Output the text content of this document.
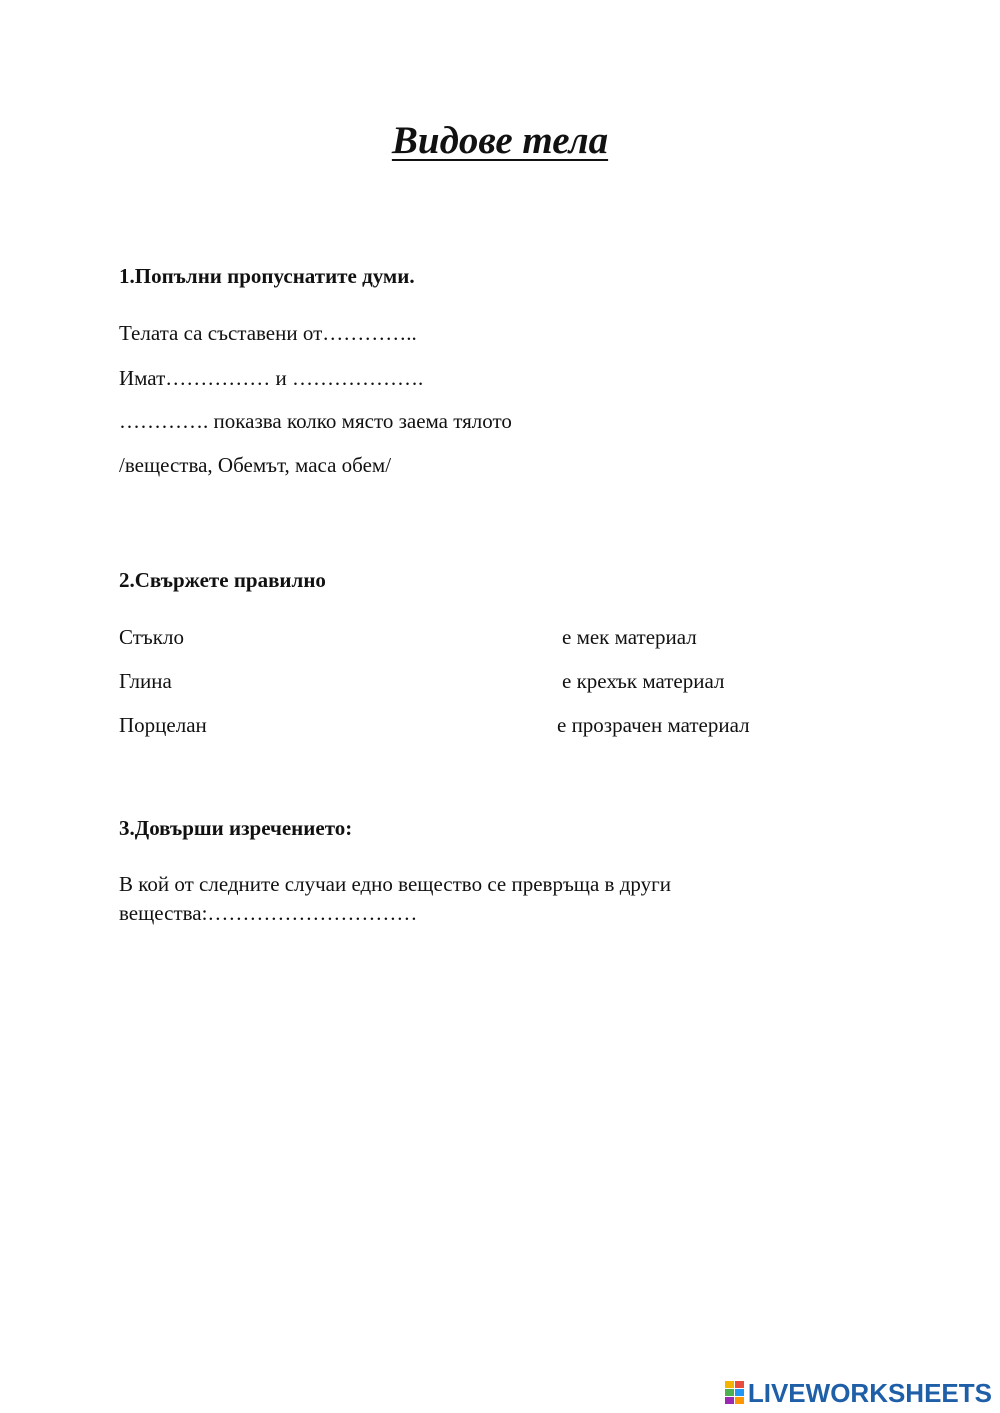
Видове тела

1.Попълни пропуснатите думи.

Телата са съставени от…………..

Имат…………… и ……………….

…………. показва колко място заема тялото

/вещества, Обемът, маса обем/

2.Свържете правилно

Стъкло	е мек материал
Глина	е крехък материал
Порцелан	е прозрачен материал

3.Довърши изречението:

В кой от следните случаи едно вещество се превръща в други

вещества:…………………………

LIVEWORKSHEETS
